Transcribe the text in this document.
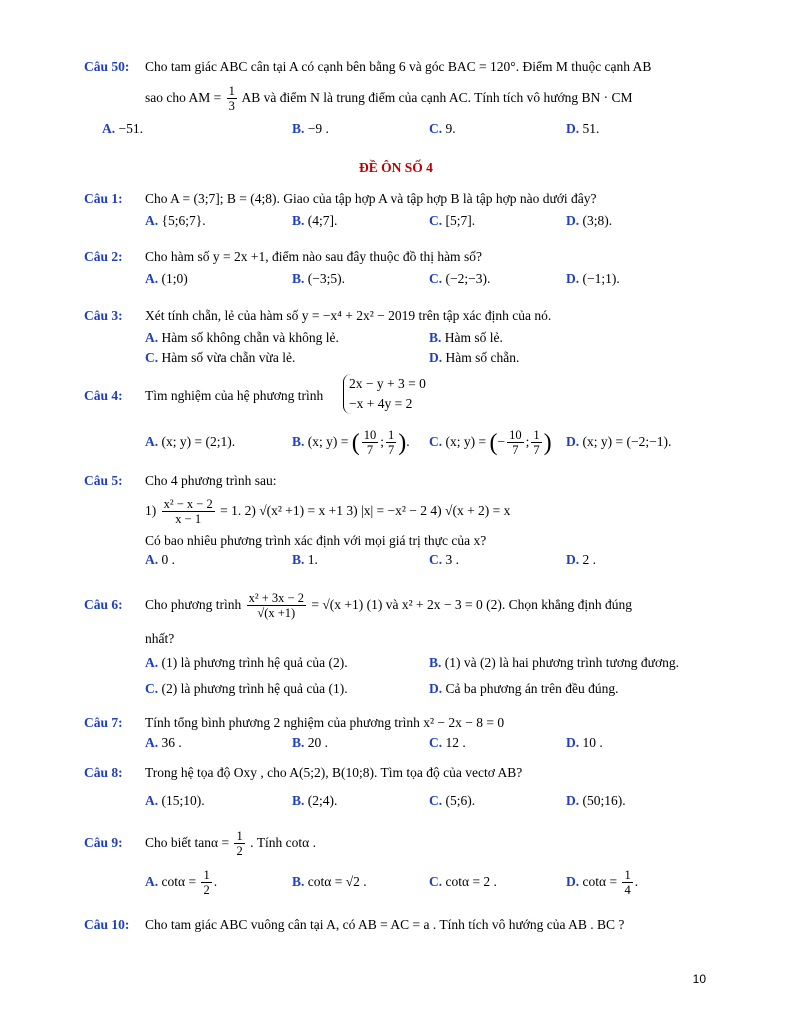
Câu 50: Cho tam giác ABC cân tại A có cạnh bên bằng 6 và góc BAC = 120°. Điểm M thuộc cạnh AB
sao cho AM = $\frac{1}{3}$ AB và điểm N là trung điểm của cạnh AC. Tính tích vô hướng BN · CM
A. −51.	B. −9 .	C. 9.	D. 51.
ĐỀ ÔN SỐ 4
Câu 1: Cho A = (3;7]; B = (4;8). Giao của tập hợp A và tập hợp B là tập hợp nào dưới đây?
A. {5;6;7}.	B. (4;7].	C. [5;7].	D. (3;8).
Câu 2: Cho hàm số y = 2x +1, điểm nào sau đây thuộc đồ thị hàm số?
A. (1;0)	B. (−3;5).	C. (−2;−3).	D. (−1;1).
Câu 3: Xét tính chẵn, lẻ của hàm số y = −x⁴ + 2x² − 2019 trên tập xác định của nó.
A. Hàm số không chẵn và không lẻ.	B. Hàm số lẻ.
C. Hàm số vừa chẵn vừa lẻ.	D. Hàm số chẵn.
Câu 4: Tìm nghiệm của hệ phương trình
2x − y + 3 = 0
−x + 4y = 2
A. (x; y) = (2;1).	B. (x; y) = ( $\frac{10}{7}$ ; $\frac{1}{7}$ ). C. (x; y) = (− $\frac{10}{7}$ ; $\frac{1}{7}$ ) D. (x; y) = (−2;−1).
Câu 5: Cho 4 phương trình sau:
$1) \frac{\text{x² − x − 2}}{x - 1} = 1$. 2) √(x² +1) = x +1 3) |x| = −x² − 2 4) √(x + 2) = x
Có bao nhiêu phương trình xác định với mọi giá trị thực của x?
A. 0 .	B. 1.	C. 3 .	D. 2 .
Câu 6: Cho phương trình $\frac{\text{x² + 3x − 2}}{√(x +1)} = √(x +1)$ (1) và x² + 2x − 3 = 0 (2). Chọn khẳng định đúng
nhất?
A. (1) là phương trình hệ quả của (2).	B. (1) và (2) là hai phương trình tương đương.
C. (2) là phương trình hệ quả của (1).	D. Cả ba phương án trên đều đúng.
Câu 7: Tính tổng bình phương 2 nghiệm của phương trình x² − 2x − 8 = 0
A. 36 .	B. 20 .	C. 12 .	D. 10 .
Câu 8: Trong hệ tọa độ Oxy , cho A(5;2), B(10;8). Tìm tọa độ của vectơ AB?
A. (15;10).	B. (2;4).	C. (5;6).	D. (50;16).
Câu 9: Cho biết $\tan\alpha = \frac{1}{2}$ . Tính cotα .
A. $\cot\alpha = \frac{1}{2}$ .	B. cotα = √2 .	C. cotα = 2 .	D. $\cot\alpha = \frac{1}{4}$ .
Câu 10: Cho tam giác ABC vuông cân tại A, có AB = AC = a . Tính tích vô hướng của AB . BC ?
10
